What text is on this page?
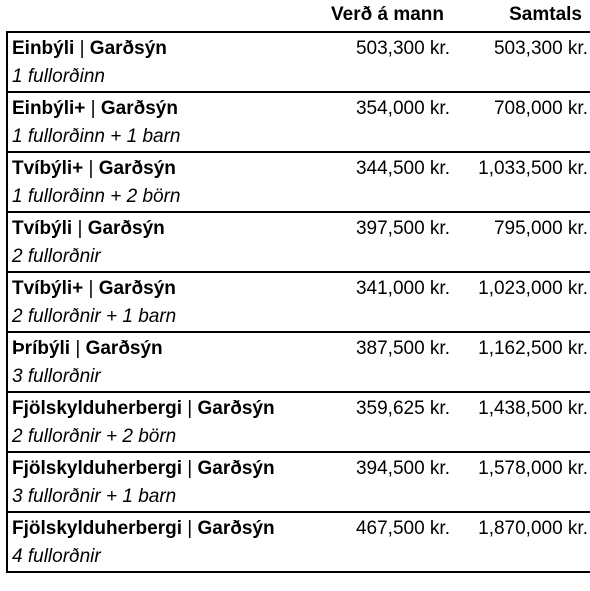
Verð á mann	Samtals
Einbýli | Garðsýn
1 fullorðinn	503,300 kr.	503,300 kr.

Einbýli+ | Garðsýn
1 fullorðinn + 1 barn	354,000 kr.	708,000 kr.

Tvíbýli+ | Garðsýn
1 fullorðinn + 2 börn	344,500 kr.	1,033,500 kr.

Tvíbýli | Garðsýn
2 fullorðnir	397,500 kr.	795,000 kr.

Tvíbýli+ | Garðsýn
2 fullorðnir + 1 barn	341,000 kr.	1,023,000 kr.

Þríbýli | Garðsýn
3 fullorðnir	387,500 kr.	1,162,500 kr.

Fjölskylduherbergi | Garðsýn
2 fullorðnir + 2 börn	359,625 kr.	1,438,500 kr.

Fjölskylduherbergi | Garðsýn
3 fullorðnir + 1 barn	394,500 kr.	1,578,000 kr.

Fjölskylduherbergi | Garðsýn
4 fullorðnir	467,500 kr.	1,870,000 kr.
